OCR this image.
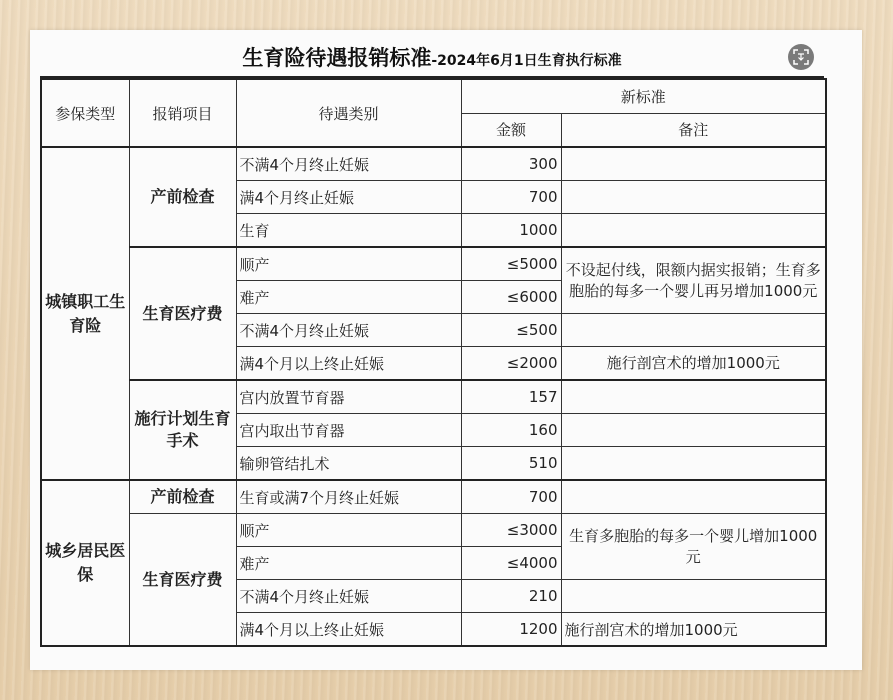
生育险待遇报销标准-2024年6月1日生育执行标准
参保类型	报销项目	待遇类别	新标准	
			金额	备注
城镇职工生育险	产前检查	不满4个月终止妊娠	300	
		满4个月终止妊娠	700	
		生育	1000	
	生育医疗费	顺产	≤5000	不设起付线，限额内据实报销；生育多胞胎的每多一个婴儿再另增加1000元
		难产	≤6000	
		不满4个月终止妊娠	≤500	
		满4个月以上终止妊娠	≤2000	施行剖宫术的增加1000元
	施行计划生育手术	宫内放置节育器	157	
		宫内取出节育器	160	
		输卵管结扎术	510	
城乡居民医保	产前检查	生育或满7个月终止妊娠	700	
	生育医疗费	顺产	≤3000	生育多胞胎的每多一个婴儿增加1000元
		难产	≤4000	
		不满4个月终止妊娠	210	
		满4个月以上终止妊娠	1200	施行剖宫术的增加1000元
